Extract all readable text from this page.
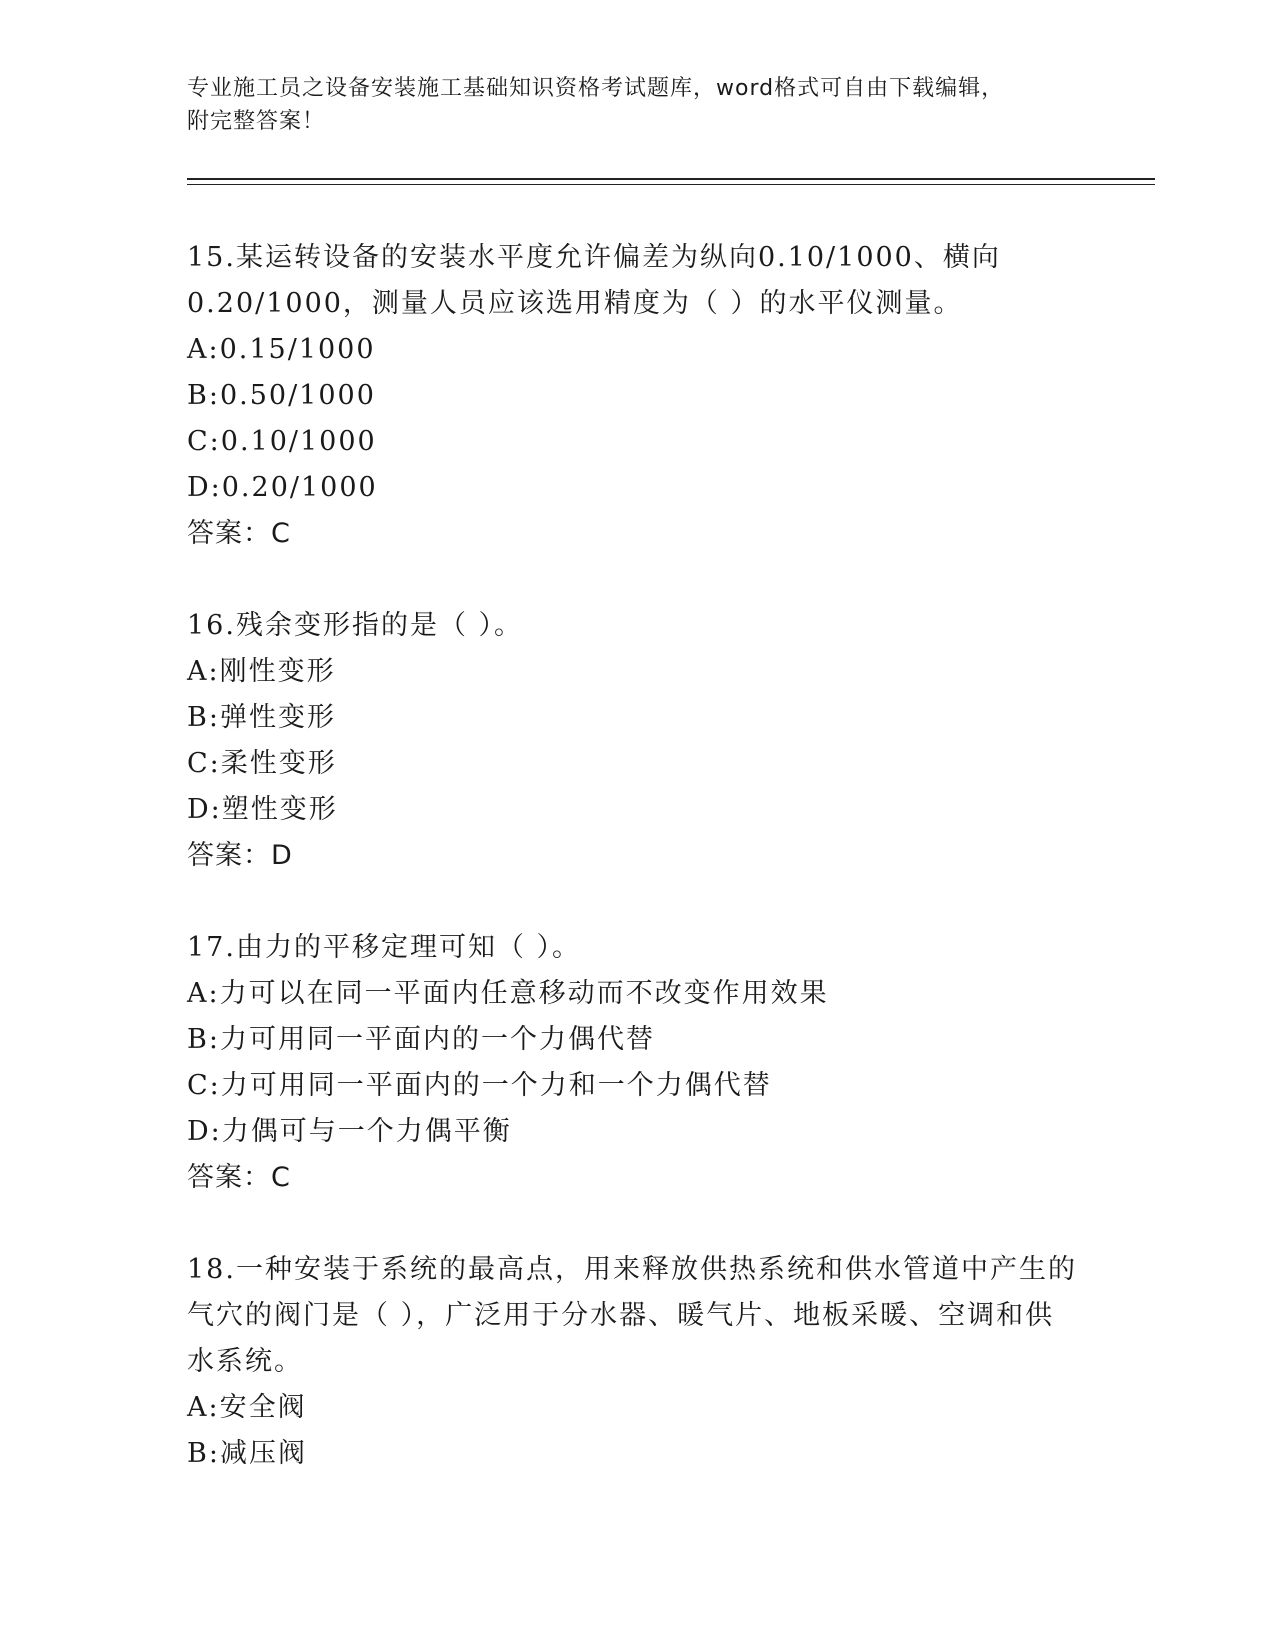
专业施工员之设备安装施工基础知识资格考试题库，word格式可自由下载编辑，
附完整答案！
15.某运转设备的安装水平度允许偏差为纵向0.10/1000、横向
0.20/1000，测量人员应该选用精度为（ ）的水平仪测量。
A:0.15/1000
B:0.50/1000
C:0.10/1000
D:0.20/1000
答案：C
16.残余变形指的是（ ）。
A:刚性变形
B:弹性变形
C:柔性变形
D:塑性变形
答案：D
17.由力的平移定理可知（ ）。
A:力可以在同一平面内任意移动而不改变作用效果
B:力可用同一平面内的一个力偶代替
C:力可用同一平面内的一个力和一个力偶代替
D:力偶可与一个力偶平衡
答案：C
18.一种安装于系统的最高点，用来释放供热系统和供水管道中产生的
气穴的阀门是（ ），广泛用于分水器、暖气片、地板采暖、空调和供
水系统。
A:安全阀
B:减压阀
